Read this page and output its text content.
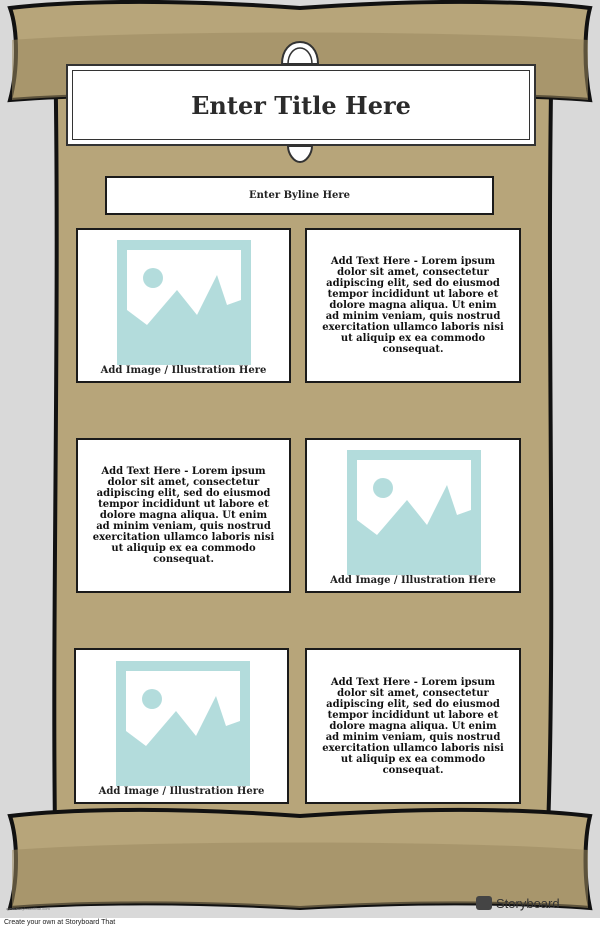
Enter Title Here
Enter Byline Here
Add Image / Illustration Here
Add Text Here - Lorem ipsum dolor sit amet, consectetur adipiscing elit, sed do eiusmod tempor incididunt ut labore et dolore magna aliqua. Ut enim ad minim veniam, quis nostrud exercitation ullamco laboris nisi ut aliquip ex ea commodo consequat.
Add Text Here - Lorem ipsum dolor sit amet, consectetur adipiscing elit, sed do eiusmod tempor incididunt ut labore et dolore magna aliqua. Ut enim ad minim veniam, quis nostrud exercitation ullamco laboris nisi ut aliquip ex ea commodo consequat.
Add Image / Illustration Here
Add Image / Illustration Here
Add Text Here - Lorem ipsum dolor sit amet, consectetur adipiscing elit, sed do eiusmod tempor incididunt ut labore et dolore magna aliqua. Ut enim ad minim veniam, quis nostrud exercitation ullamco laboris nisi ut aliquip ex ea commodo consequat.
www.storyboardthat.com	Storyboard
Create your own at Storyboard That
